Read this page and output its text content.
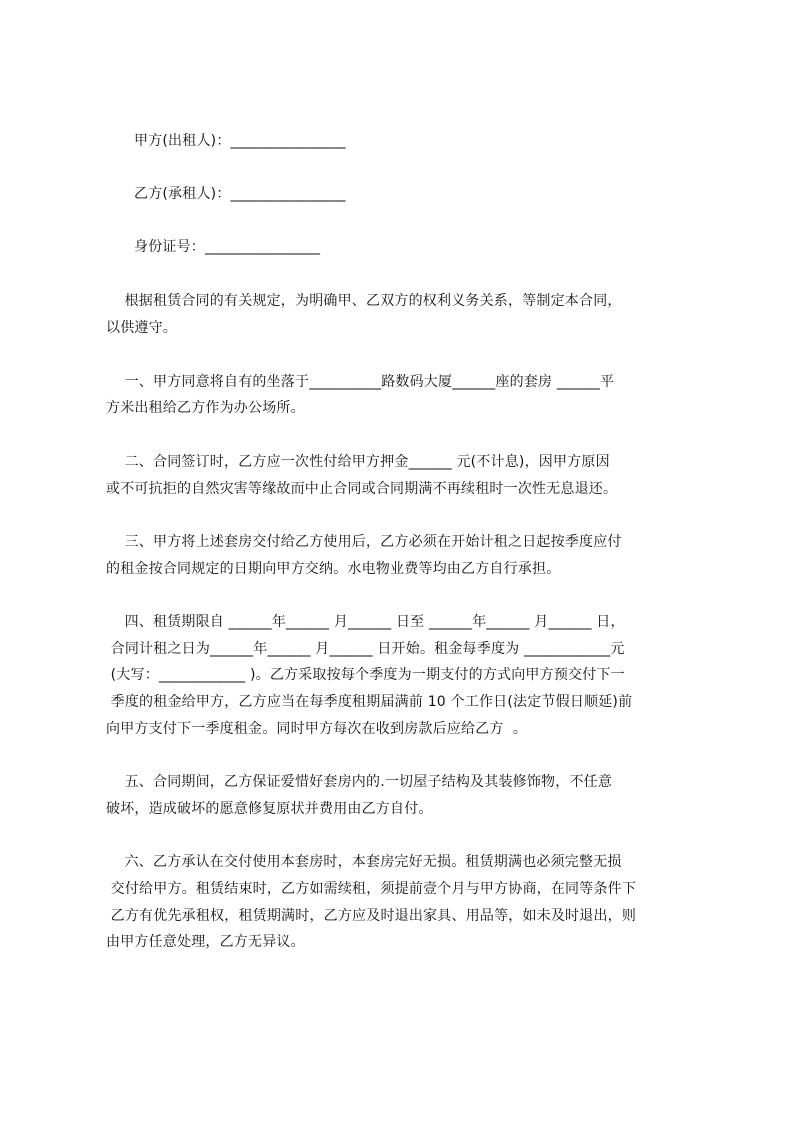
甲方(出租人)：________________
乙方(承租人)：________________
身份证号：________________
根据租赁合同的有关规定，为明确甲、乙双方的权利义务关系，等制定本合同，
以供遵守。
一、甲方同意将自有的坐落于__________路数码大厦______座的套房 ______平
方米出租给乙方作为办公场所。
二、合同签订时，乙方应一次性付给甲方押金______ 元(不计息)，因甲方原因
或不可抗拒的自然灾害等缘故而中止合同或合同期满不再续租时一次性无息退还。
三、甲方将上述套房交付给乙方使用后，乙方必须在开始计租之日起按季度应付
的租金按合同规定的日期向甲方交纳。水电物业费等均由乙方自行承担。
四、租赁期限自 ______年______ 月______ 日至 ______年______ 月______ 日，
合同计租之日为______年______ 月______ 日开始。租金每季度为 ____________元
(大写：____________ )。乙方采取按每个季度为一期支付的方式向甲方预交付下一
季度的租金给甲方，乙方应当在每季度租期届满前 10 个工作日(法定节假日顺延)前
向甲方支付下一季度租金。同时甲方每次在收到房款后应给乙方  。
五、合同期间，乙方保证爱惜好套房内的.一切屋子结构及其装修饰物，不任意
破坏，造成破坏的愿意修复原状并费用由乙方自付。
六、乙方承认在交付使用本套房时，本套房完好无损。租赁期满也必须完整无损
交付给甲方。租赁结束时，乙方如需续租，须提前壹个月与甲方协商，在同等条件下
乙方有优先承租权，租赁期满时，乙方应及时退出家具、用品等，如未及时退出，则
由甲方任意处理，乙方无异议。
